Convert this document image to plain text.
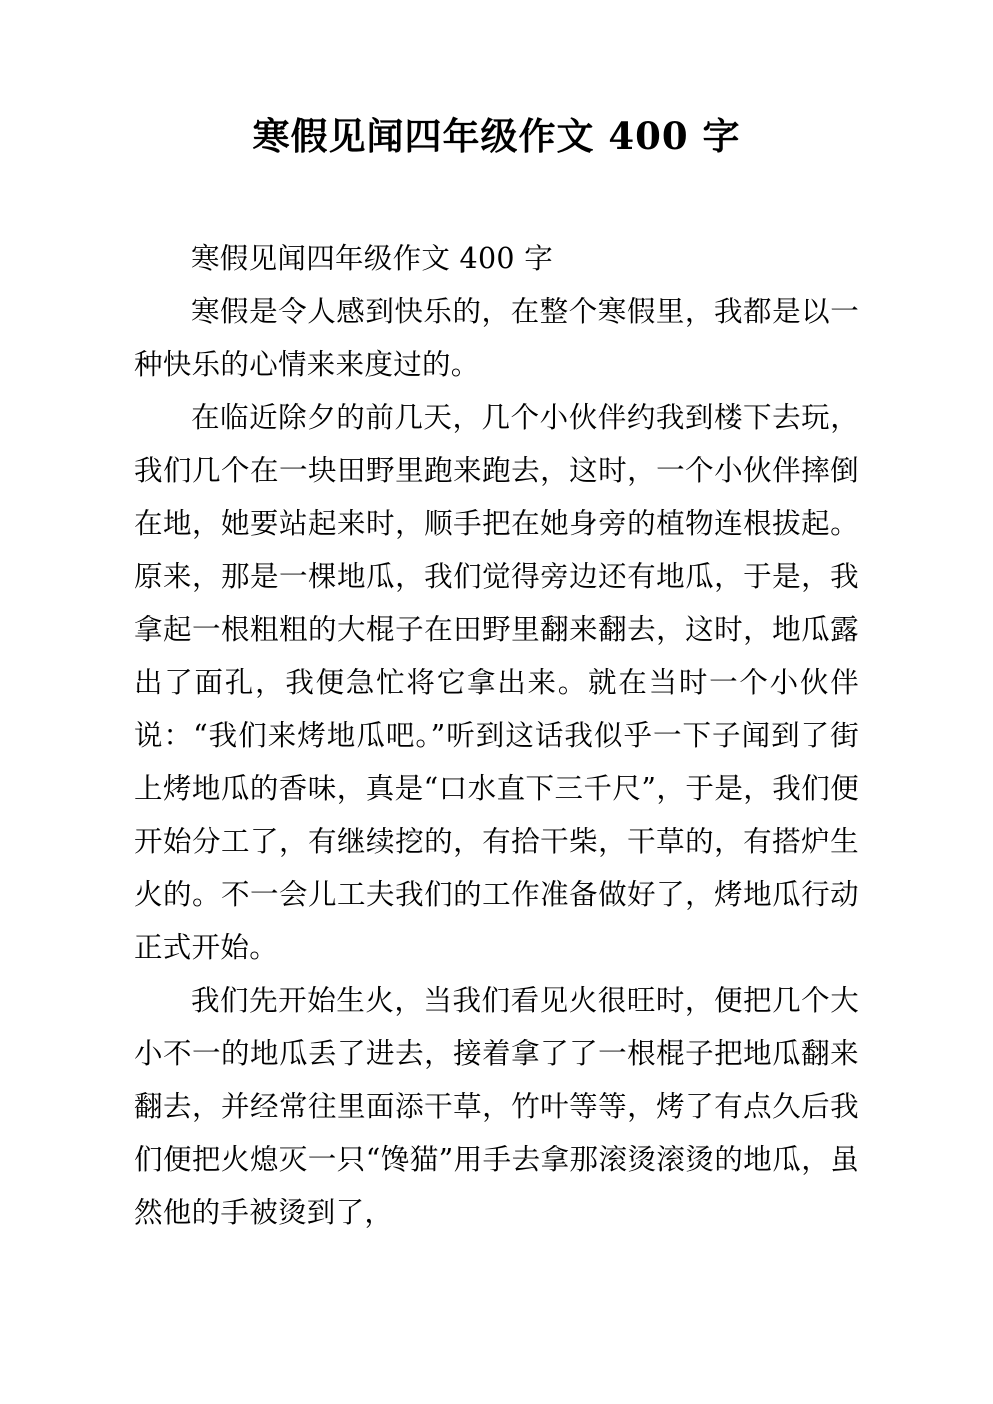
寒假见闻四年级作文 400 字

寒假见闻四年级作文 400 字

寒假是令人感到快乐的，在整个寒假里，我都是以一种快乐的心情来来度过的。

在临近除夕的前几天，几个小伙伴约我到楼下去玩，我们几个在一块田野里跑来跑去，这时，一个小伙伴摔倒在地，她要站起来时，顺手把在她身旁的植物连根拔起。原来，那是一棵地瓜，我们觉得旁边还有地瓜，于是，我拿起一根粗粗的大棍子在田野里翻来翻去，这时，地瓜露出了面孔，我便急忙将它拿出来。就在当时一个小伙伴说：“我们来烤地瓜吧。”听到这话我似乎一下子闻到了街上烤地瓜的香味，真是“口水直下三千尺”，于是，我们便开始分工了，有继续挖的，有拾干柴，干草的，有搭炉生火的。不一会儿工夫我们的工作准备做好了，烤地瓜行动正式开始。

我们先开始生火，当我们看见火很旺时，便把几个大小不一的地瓜丢了进去，接着拿了了一根棍子把地瓜翻来翻去，并经常往里面添干草，竹叶等等，烤了有点久后我们便把火熄灭一只“馋猫”用手去拿那滚烫滚烫的地瓜，虽然他的手被烫到了，
